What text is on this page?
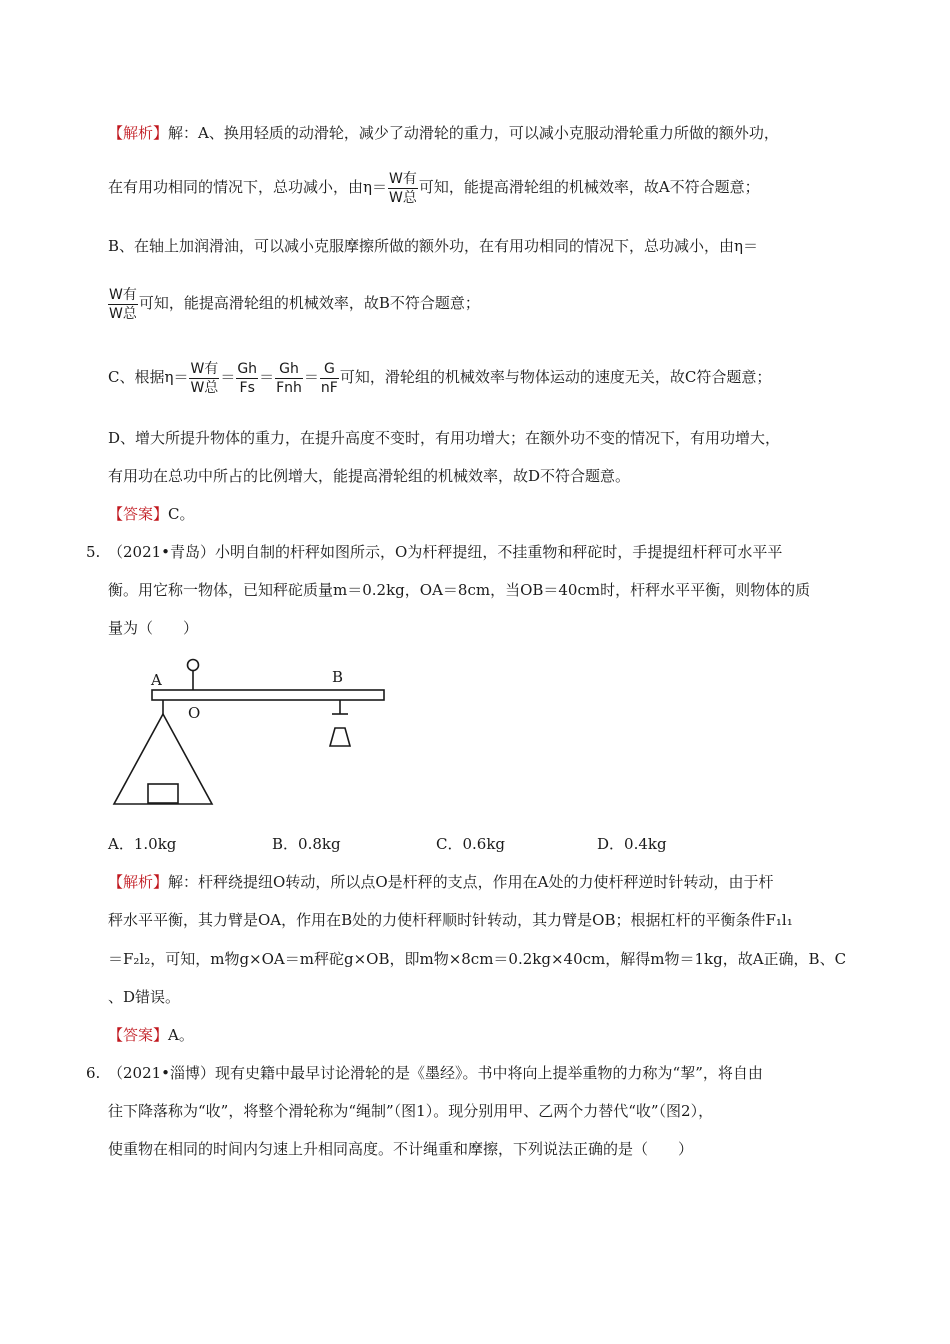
【解析】解：A、换用轻质的动滑轮，减少了动滑轮的重力，可以减小克服动滑轮重力所做的额外功，
在有用功相同的情况下，总功减小，由$\eta= \frac{\text{W有}}{\text{W总}}$ 可知，能提高滑轮组的机械效率，故A不符合题意；
B、在轴上加润滑油，可以减小克服摩擦所做的额外功，在有用功相同的情况下，总功减小，由η＝
$\frac{\text{W有}}{\text{W总}}$ 可知，能提高滑轮组的机械效率，故B不符合题意；
C、根据$\eta= \frac{\text{W有}}{\text{W总}} = \frac{Gh}{Fs} = \frac{Gh}{\text{Fnh}} = \frac{G}{nF}$ 可知，滑轮组的机械效率与物体运动的速度无关，故C符合题意；
D、增大所提升物体的重力，在提升高度不变时，有用功增大；在额外功不变的情况下，有用功增大，
有用功在总功中所占的比例增大，能提高滑轮组的机械效率，故D不符合题意。
【答案】C。
5. （2021•青岛）小明自制的杆秤如图所示，O为杆秤提纽，不挂重物和秤砣时，手提提纽杆秤可水平平
衡。用它称一物体，已知秤砣质量m＝0.2kg，OA＝8cm，当OB＝40cm时，杆秤水平平衡，则物体的质
量为（　　）
A
O
B
A．1.0kg	B．0.8kg	C．0.6kg	D．0.4kg
【解析】解：杆秤绕提纽O转动，所以点O是杆秤的支点，作用在A处的力使杆秤逆时针转动，由于杆
秤水平平衡，其力臂是OA，作用在B处的力使杆秤顺时针转动，其力臂是OB；根据杠杆的平衡条件F₁l₁
＝F₂l₂，可知，m物g×OA＝m秤砣g×OB，即m物×8cm＝0.2kg×40cm，解得m物＝1kg，故A正确，B、C
、D错误。
【答案】A。
6. （2021•淄博）现有史籍中最早讨论滑轮的是《墨经》。书中将向上提举重物的力称为“挈”，将自由
往下降落称为“收”，将整个滑轮称为“绳制”（图1）。现分别用甲、乙两个力替代“收”（图2），
使重物在相同的时间内匀速上升相同高度。不计绳重和摩擦，下列说法正确的是（　　）
